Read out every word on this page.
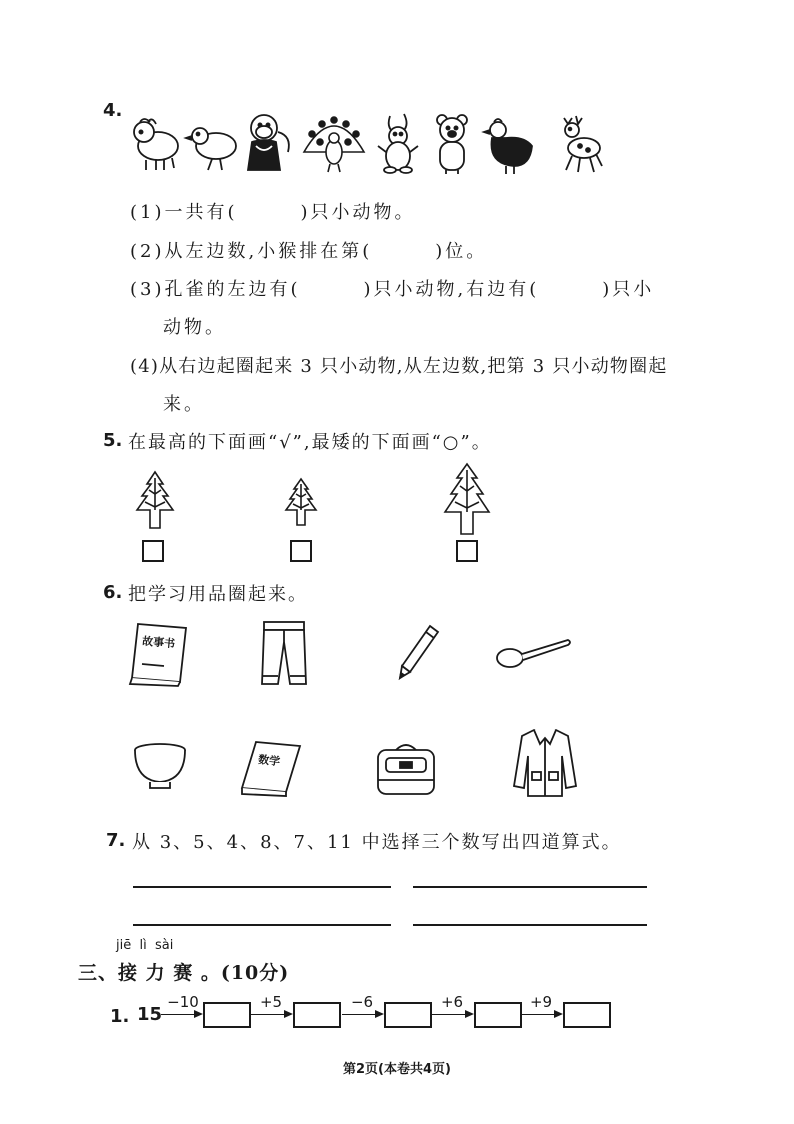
4.
(1)一共有(　　　)只小动物。
(2)从左边数,小猴排在第(　　　)位。
(3)孔雀的左边有(　　　)只小动物,右边有(　　　)只小
动物。
(4)从右边起圈起来 3 只小动物,从左边数,把第 3 只小动物圈起
来。
5. 在最高的下面画“√”,最矮的下面画“○”。
6. 把学习用品圈起来。
故事书
数学
7. 从 3、5、4、8、7、11 中选择三个数写出四道算式。
jiē  lì  sài
三、接 力 赛 。(10分)
1. 15
−10	+5	−6	+6	+9
第2页(本卷共4页)
